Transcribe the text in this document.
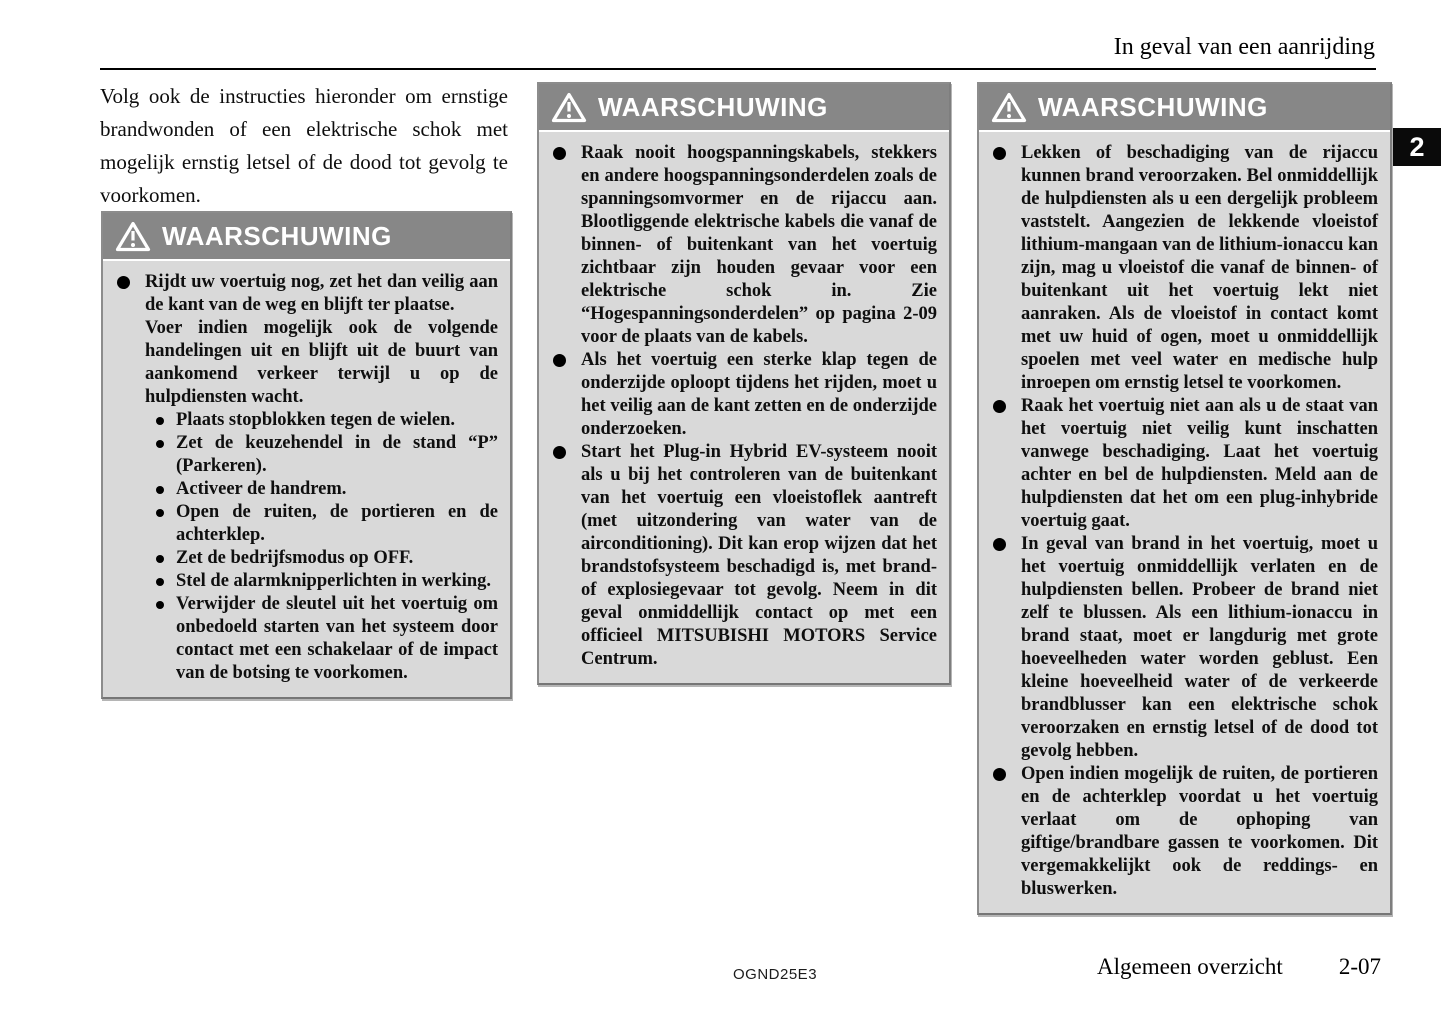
In geval van een aanrijding
2

Volg ook de instructies hieronder om ernstige brandwonden of een elektrische schok met mogelijk ernstig letsel of de dood tot gevolg te voorkomen.

WAARSCHUWING

Rijdt uw voertuig nog, zet het dan veilig aan de kant van de weg en blijft ter plaatse.

Voer indien mogelijk ook de volgende handelingen uit en blijft uit de buurt van aankomend verkeer terwijl u op de hulpdiensten wacht.

Plaats stopblokken tegen de wielen.

Zet de keuzehendel in de stand “P” (Parkeren).

Activeer de handrem.

Open de ruiten, de portieren en de achterklep.

Zet de bedrijfsmodus op OFF.

Stel de alarmknipperlichten in werking.

Verwijder de sleutel uit het voertuig om onbedoeld starten van het systeem door contact met een schakelaar of de impact van de botsing te voorkomen.

WAARSCHUWING

Raak nooit hoogspanningskabels, stekkers en andere hoogspanningsonderdelen zoals de spanningsomvormer en de rijaccu aan. Blootliggende elektrische kabels die vanaf de binnen- of buitenkant van het voertuig zichtbaar zijn houden gevaar voor een elektrische schok in. Zie “Hogespanningsonderdelen” op pagina 2-09 voor de plaats van de kabels.

Als het voertuig een sterke klap tegen de onderzijde oploopt tijdens het rijden, moet u het veilig aan de kant zetten en de onderzijde onderzoeken.

Start het Plug-in Hybrid EV-systeem nooit als u bij het controleren van de buitenkant van het voertuig een vloeistoflek aantreft (met uitzondering van water van de airconditioning). Dit kan erop wijzen dat het brandstofsysteem beschadigd is, met brand- of explosiegevaar tot gevolg. Neem in dit geval onmiddellijk contact op met een officieel MITSUBISHI MOTORS Service Centrum.

WAARSCHUWING

Lekken of beschadiging van de rijaccu kunnen brand veroorzaken. Bel onmiddellijk de hulpdiensten als u een dergelijk probleem vaststelt. Aangezien de lekkende vloeistof lithium-mangaan van de lithium-ionaccu kan zijn, mag u vloeistof die vanaf de binnen- of buitenkant uit het voertuig lekt niet aanraken. Als de vloeistof in contact komt met uw huid of ogen, moet u onmiddellijk spoelen met veel water en medische hulp inroepen om ernstig letsel te voorkomen.

Raak het voertuig niet aan als u de staat van het voertuig niet veilig kunt inschatten vanwege beschadiging. Laat het voertuig achter en bel de hulpdiensten. Meld aan de hulpdiensten dat het om een plug-inhybride voertuig gaat.

In geval van brand in het voertuig, moet u het voertuig onmiddellijk verlaten en de hulpdiensten bellen. Probeer de brand niet zelf te blussen. Als een lithium-ionaccu in brand staat, moet er langdurig met grote hoeveelheden water worden geblust. Een kleine hoeveelheid water of de verkeerde brandblusser kan een elektrische schok veroorzaken en ernstig letsel of de dood tot gevolg hebben.

Open indien mogelijk de ruiten, de portieren en de achterklep voordat u het voertuig verlaat om de ophoping van giftige/brandbare gassen te voorkomen. Dit vergemakkelijkt ook de reddings- en bluswerken.

OGND25E3	Algemeen overzicht 2-07
